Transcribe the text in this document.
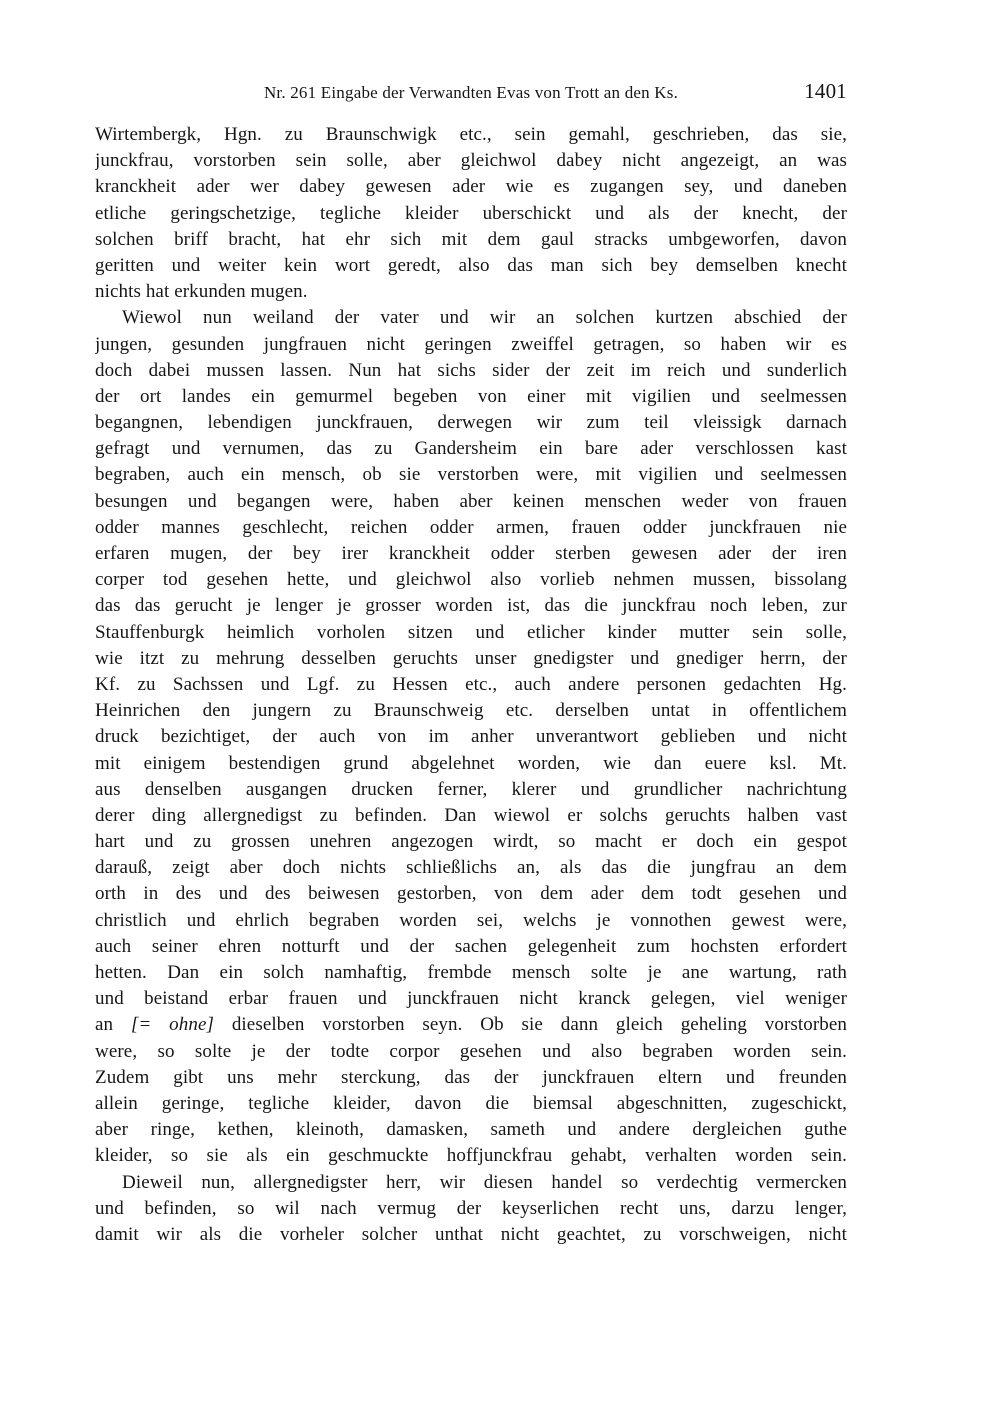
Nr. 261 Eingabe der Verwandten Evas von Trott an den Ks.	1401
Wirtembergk, Hgn. zu Braunschwigk etc., sein gemahl, geschrieben, das sie,
junckfrau, vorstorben sein solle, aber gleichwol dabey nicht angezeigt, an was
kranckheit ader wer dabey gewesen ader wie es zugangen sey, und daneben
etliche geringschetzige, tegliche kleider uberschickt und als der knecht, der
solchen briff bracht, hat ehr sich mit dem gaul stracks umbgeworfen, davon
geritten und weiter kein wort geredt, also das man sich bey demselben knecht
nichts hat erkunden mugen.
Wiewol nun weiland der vater und wir an solchen kurtzen abschied der
jungen, gesunden jungfrauen nicht geringen zweiffel getragen, so haben wir es
doch dabei mussen lassen. Nun hat sichs sider der zeit im reich und sunderlich
der ort landes ein gemurmel begeben von einer mit vigilien und seelmessen
begangnen, lebendigen junckfrauen, derwegen wir zum teil vleissigk darnach
gefragt und vernumen, das zu Gandersheim ein bare ader verschlossen kast
begraben, auch ein mensch, ob sie verstorben were, mit vigilien und seelmessen
besungen und begangen were, haben aber keinen menschen weder von frauen
odder mannes geschlecht, reichen odder armen, frauen odder junckfrauen nie
erfaren mugen, der bey irer kranckheit odder sterben gewesen ader der iren
corper tod gesehen hette, und gleichwol also vorlieb nehmen mussen, bissolang
das das gerucht je lenger je grosser worden ist, das die junckfrau noch leben, zur
Stauffenburgk heimlich vorholen sitzen und etlicher kinder mutter sein solle,
wie itzt zu mehrung desselben geruchts unser gnedigster und gnediger herrn, der
Kf. zu Sachssen und Lgf. zu Hessen etc., auch andere personen gedachten Hg.
Heinrichen den jungern zu Braunschweig etc. derselben untat in offentlichem
druck bezichtiget, der auch von im anher unverantwort geblieben und nicht
mit einigem bestendigen grund abgelehnet worden, wie dan euere ksl. Mt.
aus denselben ausgangen drucken ferner, klerer und grundlicher nachrichtung
derer ding allergnedigst zu befinden. Dan wiewol er solchs geruchts halben vast
hart und zu grossen unehren angezogen wirdt, so macht er doch ein gespot
darauß, zeigt aber doch nichts schließlichs an, als das die jungfrau an dem
orth in des und des beiwesen gestorben, von dem ader dem todt gesehen und
christlich und ehrlich begraben worden sei, welchs je vonnothen gewest were,
auch seiner ehren notturft und der sachen gelegenheit zum hochsten erfordert
hetten. Dan ein solch namhaftig, frembde mensch solte je ane wartung, rath
und beistand erbar frauen und junckfrauen nicht kranck gelegen, viel weniger
an [= ohne] dieselben vorstorben seyn. Ob sie dann gleich geheling vorstorben
were, so solte je der todte corpor gesehen und also begraben worden sein.
Zudem gibt uns mehr sterckung, das der junckfrauen eltern und freunden
allein geringe, tegliche kleider, davon die biemsal abgeschnitten, zugeschickt,
aber ringe, kethen, kleinoth, damasken, sameth und andere dergleichen guthe
kleider, so sie als ein geschmuckte hoffjunckfrau gehabt, verhalten worden sein.
Dieweil nun, allergnedigster herr, wir diesen handel so verdechtig vermercken
und befinden, so wil nach vermug der keyserlichen recht uns, darzu lenger,
damit wir als die vorheler solcher unthat nicht geachtet, zu vorschweigen, nicht
